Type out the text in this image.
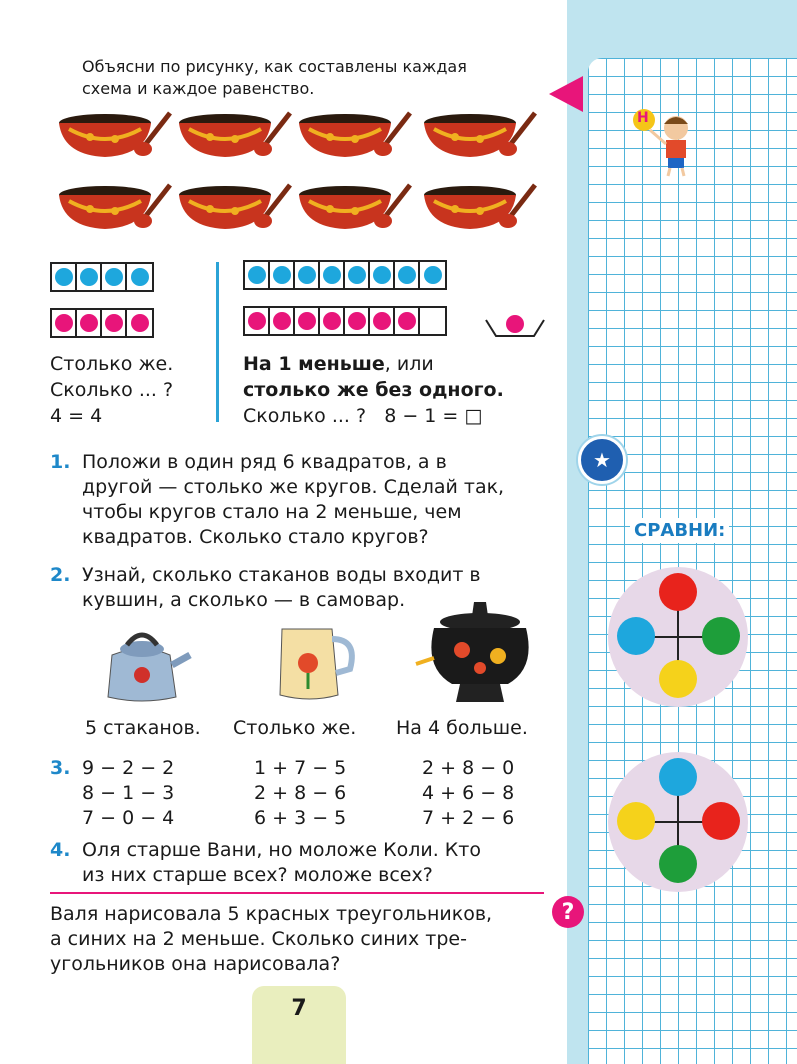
Объясни по рисунку, как составлены каждая
схема и каждое равенство.
Столько же.
Сколько ... ?
4 = 4
На 1 меньше, или
столько же без одного.
Сколько ... ?   8 − 1 = □
1. Положи в один ряд 6 квадратов, а в
другой — столько же кругов. Сделай так,
чтобы кругов стало на 2 меньше, чем
квадратов. Сколько стало кругов?
2. Узнай, сколько стаканов воды входит в
кувшин, а сколько — в самовар.
5 стаканов. Столько же. На 4 больше.
3. 9 − 2 − 2
8 − 1 − 3
7 − 0 − 4
1 + 7 − 5
2 + 8 − 6
6 + 3 − 5
2 + 8 − 0
4 + 6 − 8
7 + 2 − 6
4. Оля старше Вани, но моложе Коли. Кто
из них старше всех? моложе всех?
Валя нарисовала 5 красных треугольников,
а синих на 2 меньше. Сколько синих тре-
угольников она нарисовала?
?
7
Н
★
СРАВНИ:
